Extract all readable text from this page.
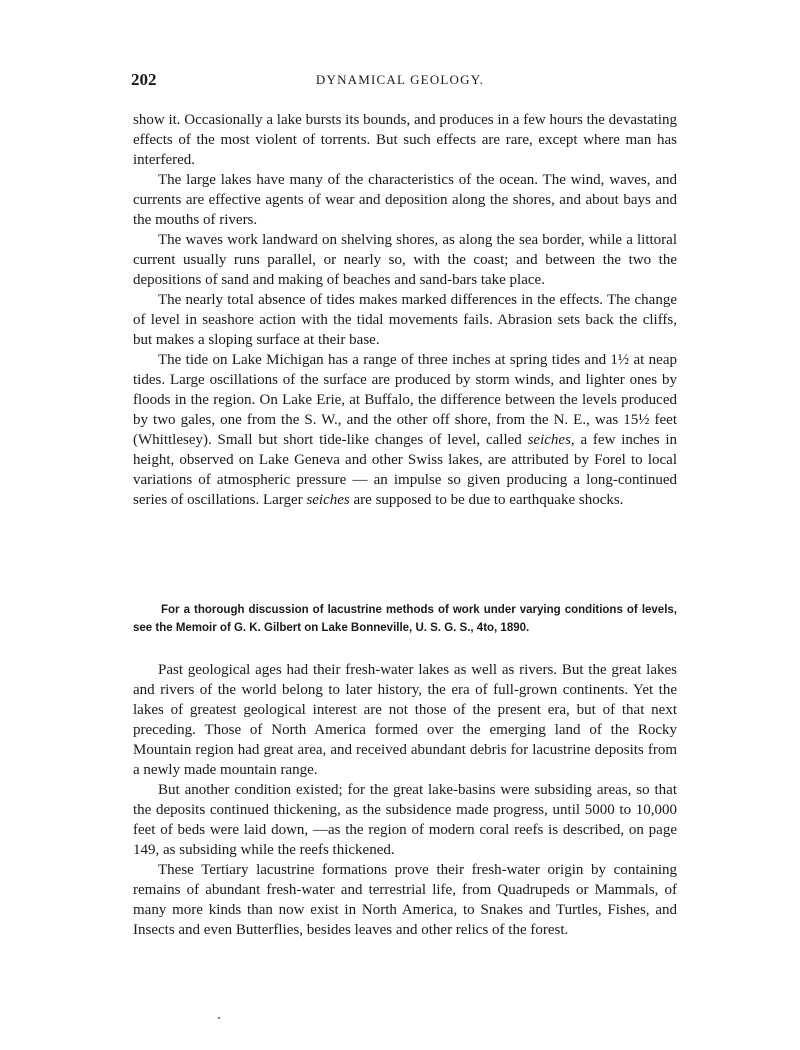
202	DYNAMICAL GEOLOGY.

show it. Occasionally a lake bursts its bounds, and produces in a few hours the devastating effects of the most violent of torrents. But such effects are rare, except where man has interfered.

The large lakes have many of the characteristics of the ocean. The wind, waves, and currents are effective agents of wear and deposition along the shores, and about bays and the mouths of rivers.

The waves work landward on shelving shores, as along the sea border, while a littoral current usually runs parallel, or nearly so, with the coast; and between the two the depositions of sand and making of beaches and sand-bars take place.

The nearly total absence of tides makes marked differences in the effects. The change of level in seashore action with the tidal movements fails. Abrasion sets back the cliffs, but makes a sloping surface at their base.

The tide on Lake Michigan has a range of three inches at spring tides and 1½ at neap tides. Large oscillations of the surface are produced by storm winds, and lighter ones by floods in the region. On Lake Erie, at Buffalo, the difference between the levels produced by two gales, one from the S. W., and the other off shore, from the N. E., was 15½ feet (Whittlesey). Small but short tide-like changes of level, called seiches, a few inches in height, observed on Lake Geneva and other Swiss lakes, are attributed by Forel to local variations of atmospheric pressure — an impulse so given producing a long-continued series of oscillations. Larger seiches are supposed to be due to earthquake shocks.

For a thorough discussion of lacustrine methods of work under varying conditions of levels, see the Memoir of G. K. Gilbert on Lake Bonneville, U. S. G. S., 4to, 1890.

Past geological ages had their fresh-water lakes as well as rivers. But the great lakes and rivers of the world belong to later history, the era of full-grown continents. Yet the lakes of greatest geological interest are not those of the present era, but of that next preceding. Those of North America formed over the emerging land of the Rocky Mountain region had great area, and received abundant debris for lacustrine deposits from a newly made mountain range.

But another condition existed; for the great lake-basins were subsiding areas, so that the deposits continued thickening, as the subsidence made progress, until 5000 to 10,000 feet of beds were laid down, —as the region of modern coral reefs is described, on page 149, as subsiding while the reefs thickened.

These Tertiary lacustrine formations prove their fresh-water origin by containing remains of abundant fresh-water and terrestrial life, from Quadrupeds or Mammals, of many more kinds than now exist in North America, to Snakes and Turtles, Fishes, and Insects and even Butterflies, besides leaves and other relics of the forest.
